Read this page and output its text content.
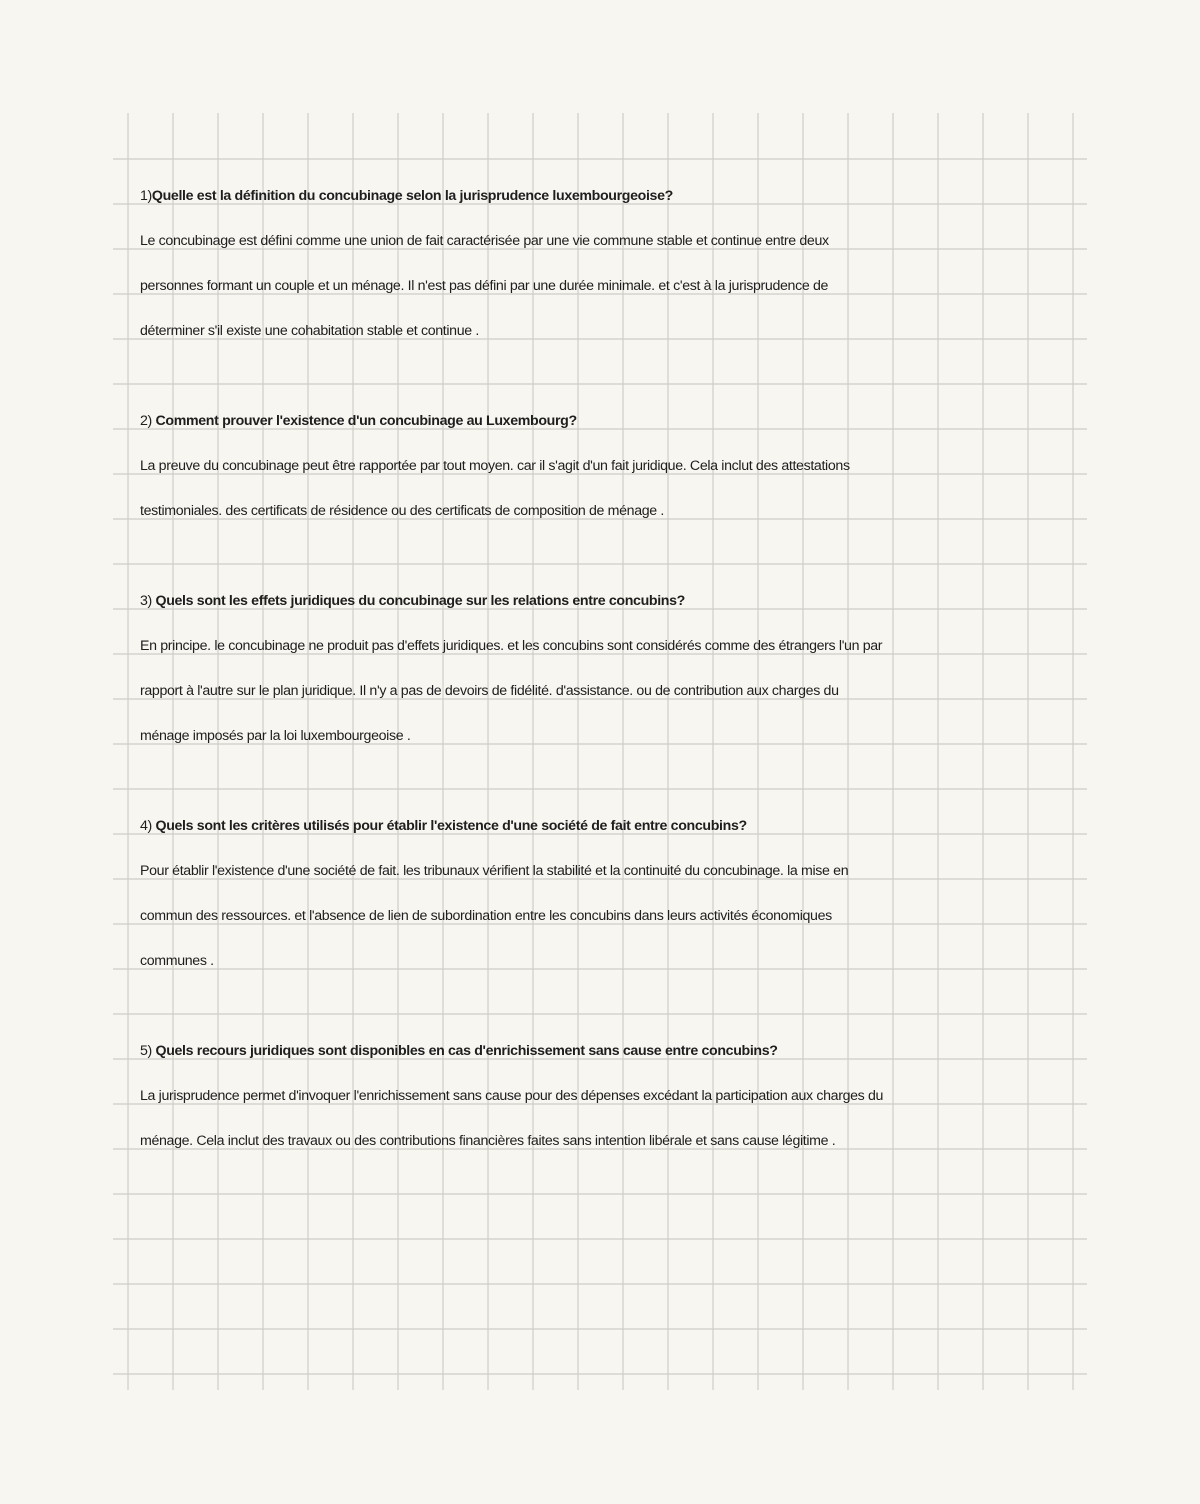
1)Quelle est la définition du concubinage selon la jurisprudence luxembourgeoise?
Le concubinage est défini comme une union de fait caractérisée par une vie commune stable et continue entre deux
personnes formant un couple et un ménage. Il n'est pas défini par une durée minimale. et c'est à la jurisprudence de
déterminer s'il existe une cohabitation stable et continue .
2) Comment prouver l'existence d'un concubinage au Luxembourg?
La preuve du concubinage peut être rapportée par tout moyen. car il s'agit d'un fait juridique. Cela inclut des attestations
testimoniales. des certificats de résidence ou des certificats de composition de ménage .
3) Quels sont les effets juridiques du concubinage sur les relations entre concubins?
En principe. le concubinage ne produit pas d'effets juridiques. et les concubins sont considérés comme des étrangers l'un par
rapport à l'autre sur le plan juridique. Il n'y a pas de devoirs de fidélité. d'assistance. ou de contribution aux charges du
ménage imposés par la loi luxembourgeoise .
4) Quels sont les critères utilisés pour établir l'existence d'une société de fait entre concubins?
Pour établir l'existence d'une société de fait. les tribunaux vérifient la stabilité et la continuité du concubinage. la mise en
commun des ressources. et l'absence de lien de subordination entre les concubins dans leurs activités économiques
communes .
5) Quels recours juridiques sont disponibles en cas d'enrichissement sans cause entre concubins?
La jurisprudence permet d'invoquer l'enrichissement sans cause pour des dépenses excédant la participation aux charges du
ménage. Cela inclut des travaux ou des contributions financières faites sans intention libérale et sans cause légitime .
